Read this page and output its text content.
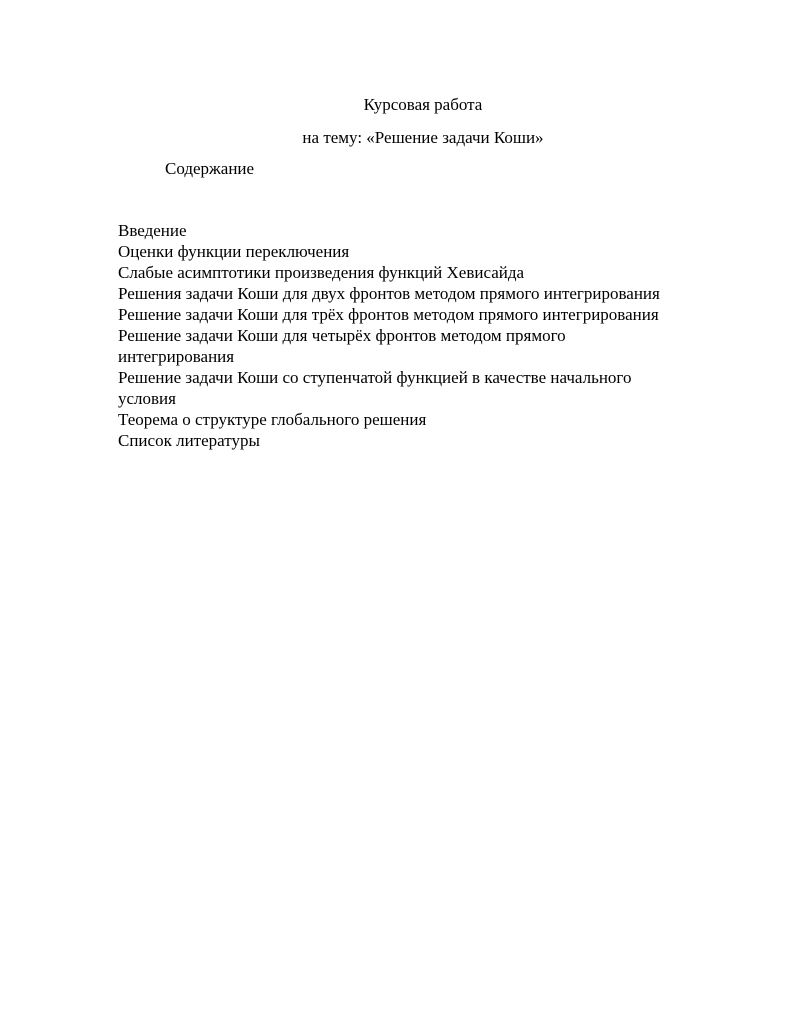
Курсовая работа
на тему: «Решение задачи Коши»
Содержание
Введение
Оценки функции переключения
Слабые асимптотики произведения функций Хевисайда
Решения задачи Коши для двух фронтов методом прямого интегрирования
Решение задачи Коши для трёх фронтов методом прямого интегрирования
Решение задачи Коши для четырёх фронтов методом прямого интегрирования
Решение задачи Коши со ступенчатой функцией в качестве начального условия
Теорема о структуре глобального решения
Список литературы
